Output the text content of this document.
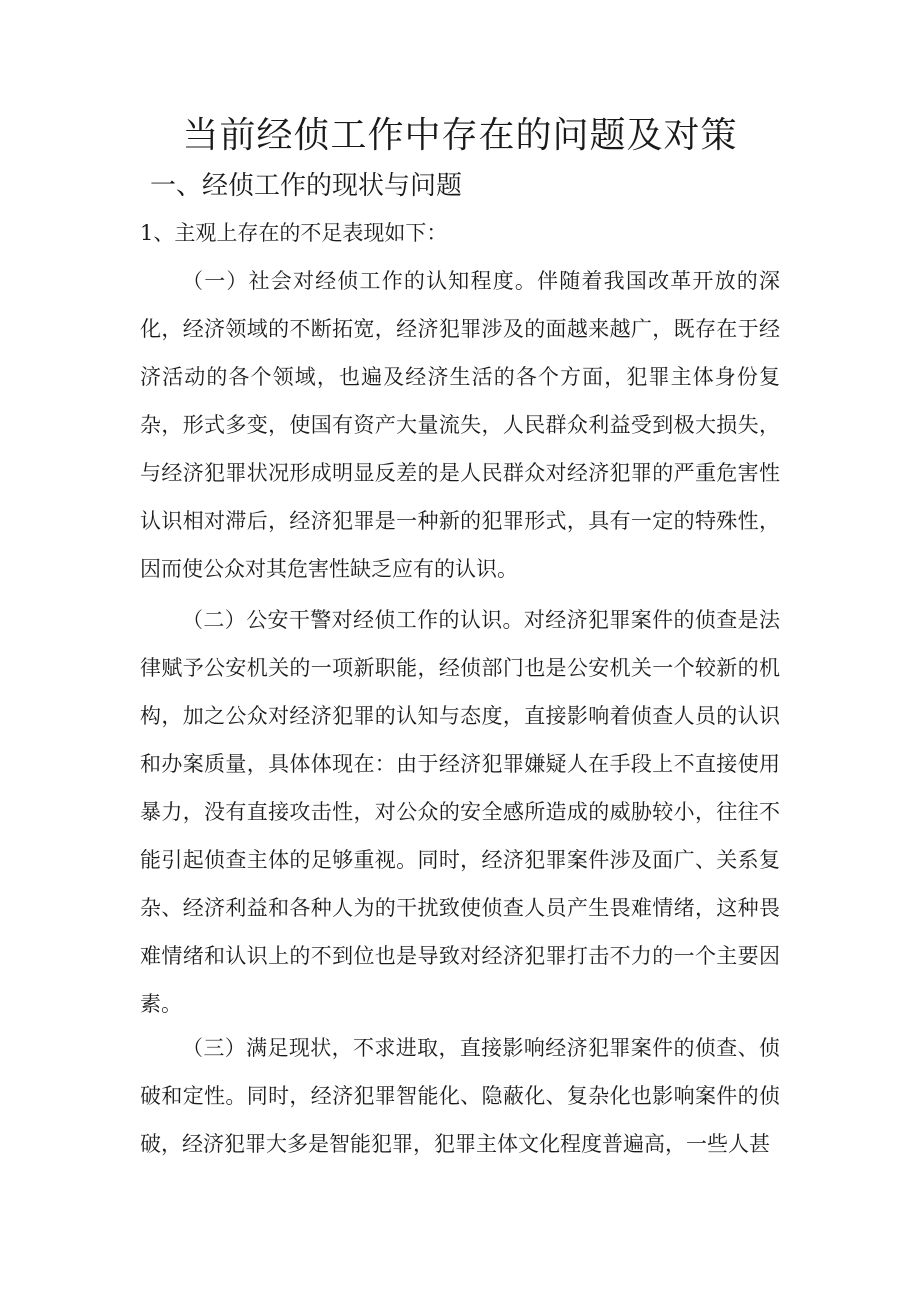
当前经侦工作中存在的问题及对策
一、经侦工作的现状与问题

1、主观上存在的不足表现如下：

（一）社会对经侦工作的认知程度。伴随着我国改革开放的深化，经济领域的不断拓宽，经济犯罪涉及的面越来越广，既存在于经济活动的各个领域，也遍及经济生活的各个方面，犯罪主体身份复杂，形式多变，使国有资产大量流失，人民群众利益受到极大损失，与经济犯罪状况形成明显反差的是人民群众对经济犯罪的严重危害性认识相对滞后，经济犯罪是一种新的犯罪形式，具有一定的特殊性，因而使公众对其危害性缺乏应有的认识。

（二）公安干警对经侦工作的认识。对经济犯罪案件的侦查是法律赋予公安机关的一项新职能，经侦部门也是公安机关一个较新的机构，加之公众对经济犯罪的认知与态度，直接影响着侦查人员的认识和办案质量，具体体现在：由于经济犯罪嫌疑人在手段上不直接使用暴力，没有直接攻击性，对公众的安全感所造成的威胁较小，往往不能引起侦查主体的足够重视。同时，经济犯罪案件涉及面广、关系复杂、经济利益和各种人为的干扰致使侦查人员产生畏难情绪，这种畏难情绪和认识上的不到位也是导致对经济犯罪打击不力的一个主要因素。

（三）满足现状，不求进取，直接影响经济犯罪案件的侦查、侦破和定性。同时，经济犯罪智能化、隐蔽化、复杂化也影响案件的侦破，经济犯罪大多是智能犯罪，犯罪主体文化程度普遍高，一些人甚
